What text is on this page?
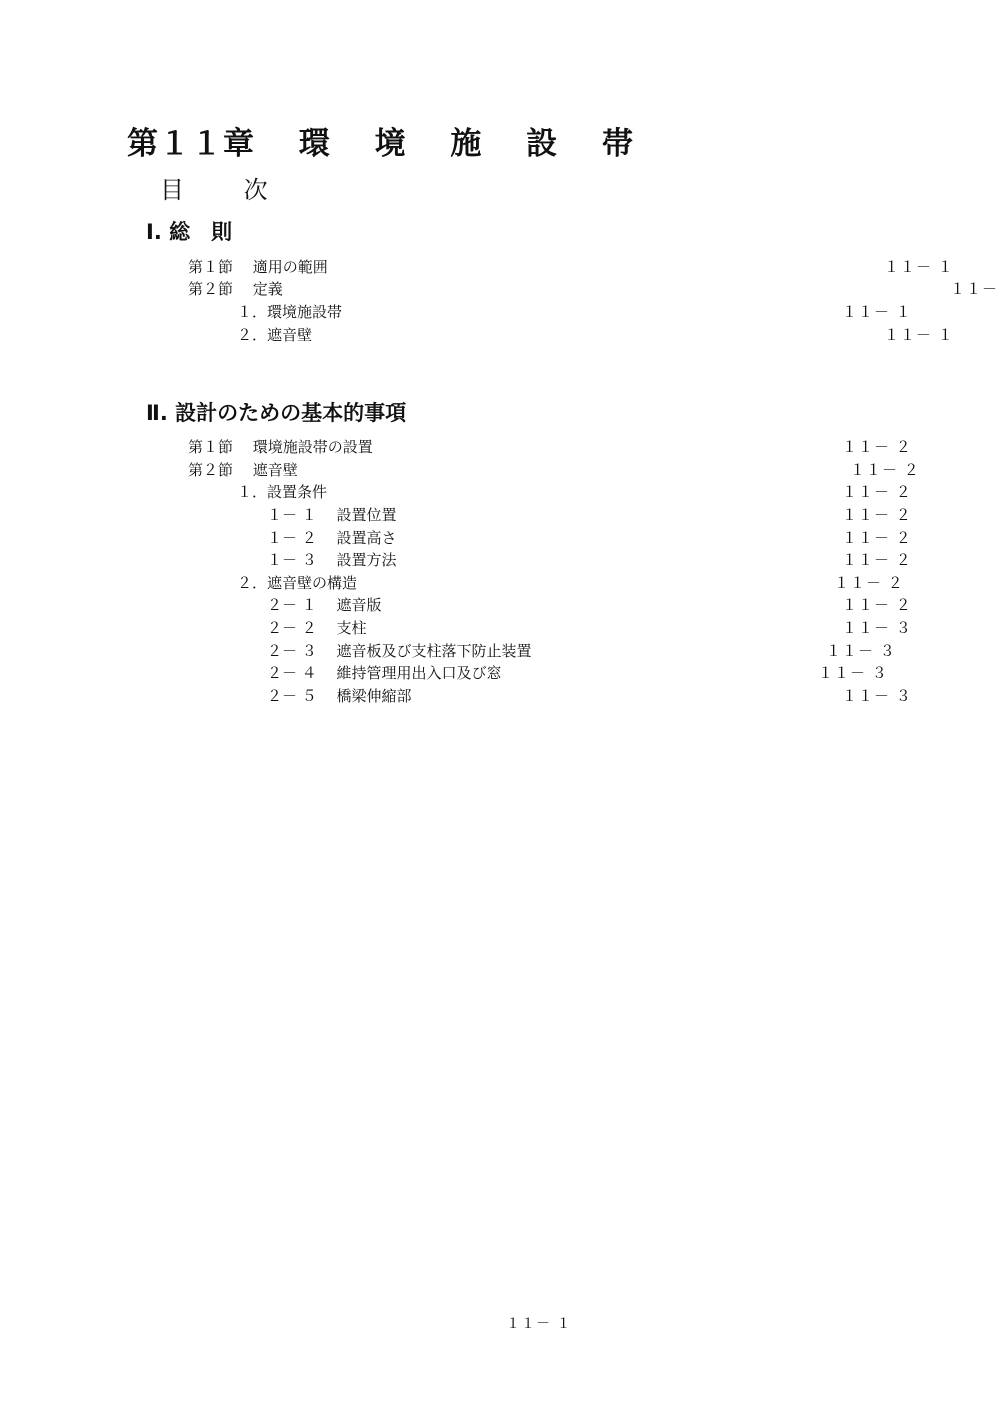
第１１章　 環　 境　 施　 設　 帯
目 次
Ⅰ. 総　則
第１節　 適用の範囲	１１－ １
第２節　 定義	１１－
１．環境施設帯	１１－ １
２．遮音壁	１１－ １
Ⅱ. 設計のための基本的事項
第１節　 環境施設帯の設置	１１－ ２
第２節　 遮音壁	１１－ ２
１．設置条件	１１－ ２
１－ １　 設置位置	１１－ ２
１－ ２　 設置高さ	１１－ ２
１－ ３　 設置方法	１１－ ２
２．遮音壁の構造	１１－ ２
２－ １　 遮音版	１１－ ２
２－ ２　 支柱	１１－ ３
２－ ３　 遮音板及び支柱落下防止装置	１１－ ３
２－ ４　 維持管理用出入口及び窓	１１－ ３
２－ ５　 橋梁伸縮部	１１－ ３
１１－ １
